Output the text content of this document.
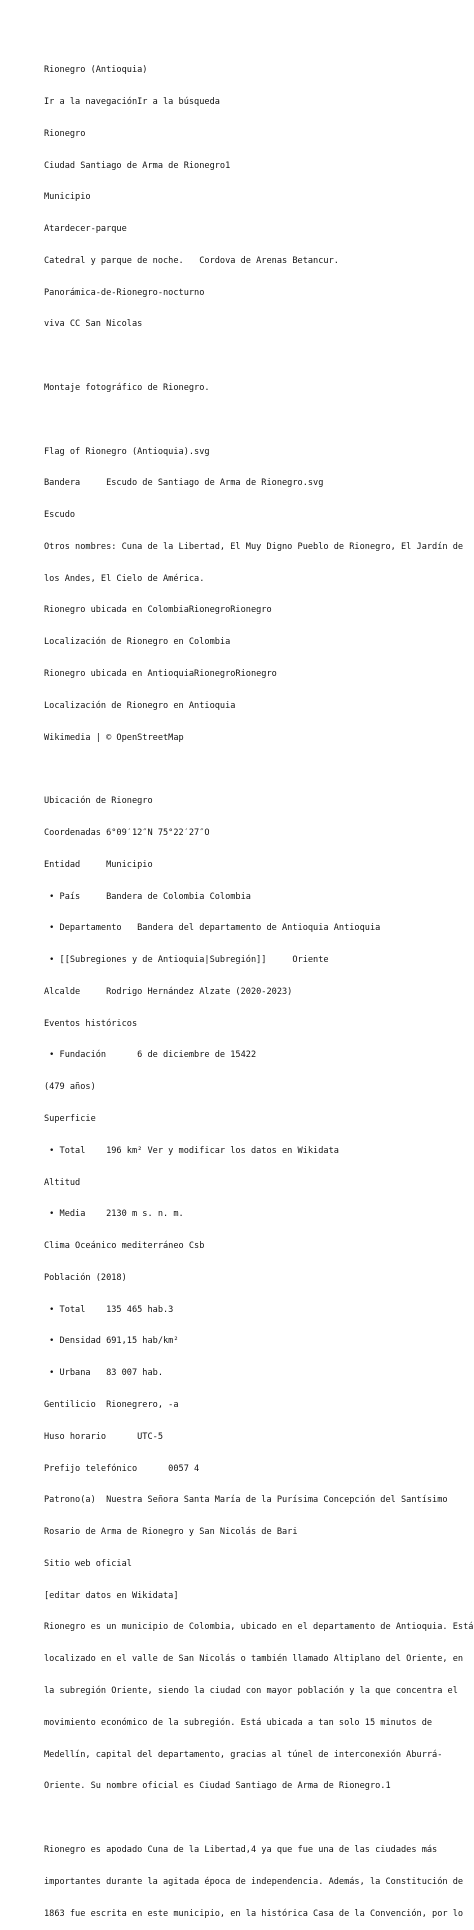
Rionegro (Antioquia)

Ir a la navegaciónIr a la búsqueda

Rionegro

Ciudad Santiago de Arma de Rionegro1

Municipio

Atardecer-parque

Catedral y parque de noche.   Cordova de Arenas Betancur.

Panorámica-de-Rionegro-nocturno

viva CC San Nicolas

Montaje fotográfico de Rionegro.

Flag of Rionegro (Antioquia).svg

Bandera     Escudo de Santiago de Arma de Rionegro.svg

Escudo

Otros nombres: Cuna de la Libertad, El Muy Digno Pueblo de Rionegro, El Jardín de

los Andes, El Cielo de América.

Rionegro ubicada en ColombiaRionegroRionegro

Localización de Rionegro en Colombia

Rionegro ubicada en AntioquiaRionegroRionegro

Localización de Rionegro en Antioquia

Wikimedia | © OpenStreetMap

Ubicación de Rionegro

Coordenadas 6°09′12″N 75°22′27″O

Entidad     Municipio

• País     Bandera de Colombia Colombia

• Departamento   Bandera del departamento de Antioquia Antioquia

• [[Subregiones y de Antioquia|Subregión]]     Oriente

Alcalde     Rodrigo Hernández Alzate (2020-2023)

Eventos históricos

• Fundación      6 de diciembre de 15422

(479 años)

Superficie

• Total    196 km² Ver y modificar los datos en Wikidata

Altitud

• Media    2130 m s. n. m.

Clima Oceánico mediterráneo Csb

Población (2018)

• Total    135 465 hab.3

• Densidad 691,15 hab/km²

• Urbana   83 007 hab.

Gentilicio  Rionegrero, -a

Huso horario      UTC-5

Prefijo telefónico      0057 4

Patrono(a)  Nuestra Señora Santa María de la Purísima Concepción del Santísimo

Rosario de Arma de Rionegro y San Nicolás de Bari

Sitio web oficial

[editar datos en Wikidata]

Rionegro es un municipio de Colombia, ubicado en el departamento de Antioquia. Está

localizado en el valle de San Nicolás o también llamado Altiplano del Oriente, en

la subregión Oriente, siendo la ciudad con mayor población y la que concentra el

movimiento económico de la subregión. Está ubicada a tan solo 15 minutos de

Medellín, capital del departamento, gracias al túnel de interconexión Aburrá-

Oriente. Su nombre oficial es Ciudad Santiago de Arma de Rionegro.1

Rionegro es apodado Cuna de la Libertad,4 ya que fue una de las ciudades más

importantes durante la agitada época de independencia. Además, la Constitución de

1863 fue escrita en este municipio, en la histórica Casa de la Convención, por lo
